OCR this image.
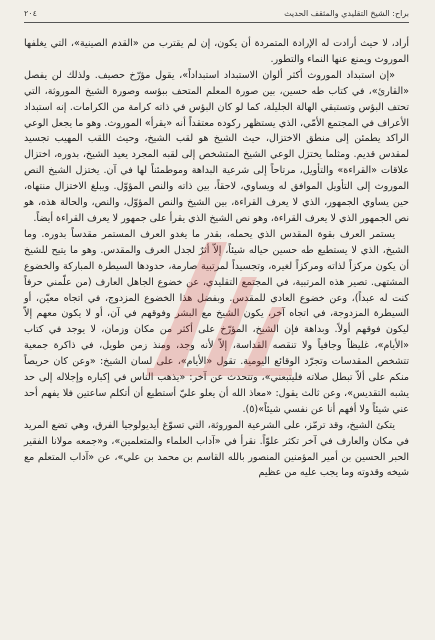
براح: الشيخ التقليدي والمثقف الحديث
٢٠٤

أراد، لا حيث أرادت له الإرادة المتمردة أن يكون، إن لم يقترب من «القدم الصينية»، التي يغلفها الموروث ويمنع عنها النماء والتطور.

«إن استبداد الموروث أكثر ألوان الاستبداد استبداداً»، يقول مؤرّخ حصيف. ولذلك لن يفصل «القارئ»، في كتاب طه حسين، بين صورة المعلم المتحف ببؤسه وصورة الشيخ الموروثة، التي تحتف البؤس وتستبقي الهالة الجليلة، كما لو كان البؤس في ذاته كرامة من الكرامات. إنه استبداد الأعراف في المجتمع الأمّي، الذي يستظهر ركوده معتقداً أنه «يقرأ» الموروث. وهو ما يجعل الوعي الراكد يطمئن إلى منطق الاختزال، حيث الشيخ هو لقب الشيخ، وحيث اللقب المهيب تجسيد لمقدس قديم. ومثلما يختزل الوعي الشيخ المتشخص إلى لقبه المجرد يعيد الشيخ، بدوره، اختزال علاقات «القراءة» والتأويل، مرتاحاً إلى شرعية البداهة وموطمئناً لها في آن. يختزل الشيخ النص الموروث إلى التأويل الموافق له ويساوي، لاحقاً، بين ذاته والنص المؤوّل. ويبلغ الاختزال منتهاه، حين يساوي الجمهور، الذي لا يعرف القراءة، بين الشيخ والنص المؤوّل، والنص، والحالة هذه، هو نص الجمهور الذي لا يعرف القراءة، وهو نص الشيخ الذي يقرأ على جمهور لا يعرف القراءة أيضاً.

يستمر العرف بقوة المقدس الذي يحمله، بقدر ما يغدو العرف المستمر مقدساً بدوره. وما الشيخ، الذي لا يستطيع طه حسين حياله شيئاً، إلاّ أثرٌ لجدل العرف والمقدس. وهو ما يتيح للشيخ أن يكون مركزاً لذاته ومركزاً لغيره، وتجسيداً لمرتبية صارمة، حدودها السيطرة المباركة والخضوع المشتهى. تصير هذه المرتبية، في المجتمع التقليدي، عن خضوع الجاهل العارف (من علّمني حرفاً كنت له عبداً)، وعن خضوع العادي للمقدس. وبفضل هذا الخضوع المزدوج، في اتجاه معيّن، أو السيطرة المزدوجة، في اتجاه آخر، يكون الشيخ مع البشر وفوقهم في آن، أو لا يكون معهم إلاّ ليكون فوقهم أولاً. وبداهة فإن الشيخ، المؤرّخ على أكثر من مكان وزمان، لا يوجد في كتاب «الأيام»، غليظاً وجافياً ولا تنقصه القداسة، إلاّ لأنه وجد، ومنذ زمن طويل، في ذاكرة جمعية تتشخص المقدسات وتجرّد الوقائع اليومية. تقول «الأيام»، على لسان الشيخ: «وعن كان حريصاً منكم على ألاّ تبطل صلاته فليتبعني»، وتتحدث عن آخر: «يذهب الناس في إكباره وإجلاله إلى حد يشبه التقديس»، وعن ثالث يقول: «معاذ الله أن يعلو عليّ أستطيع أن أتكلم ساعتين فلا يفهم أحد عني شيئاً ولا أفهم أنا عن نفسي شيئاً»(٥).

يتكئ الشيخ، وقد ترمّز، على الشرعية الموروثة، التي تسوّغ أيديولوجيا الفرق، وهي تضع المريد في مكان والعارف في آخر تكثر علوّاً. نقرأ في «آداب العلماء والمتعلمين»، و«جمعه مولانا الفقير الحبر الحسين بن أمير المؤمنين المنصور بالله القاسم بن محمد بن علي»، عن «آداب المتعلم مع شيخه وقدوته وما يجب عليه من عظيم
